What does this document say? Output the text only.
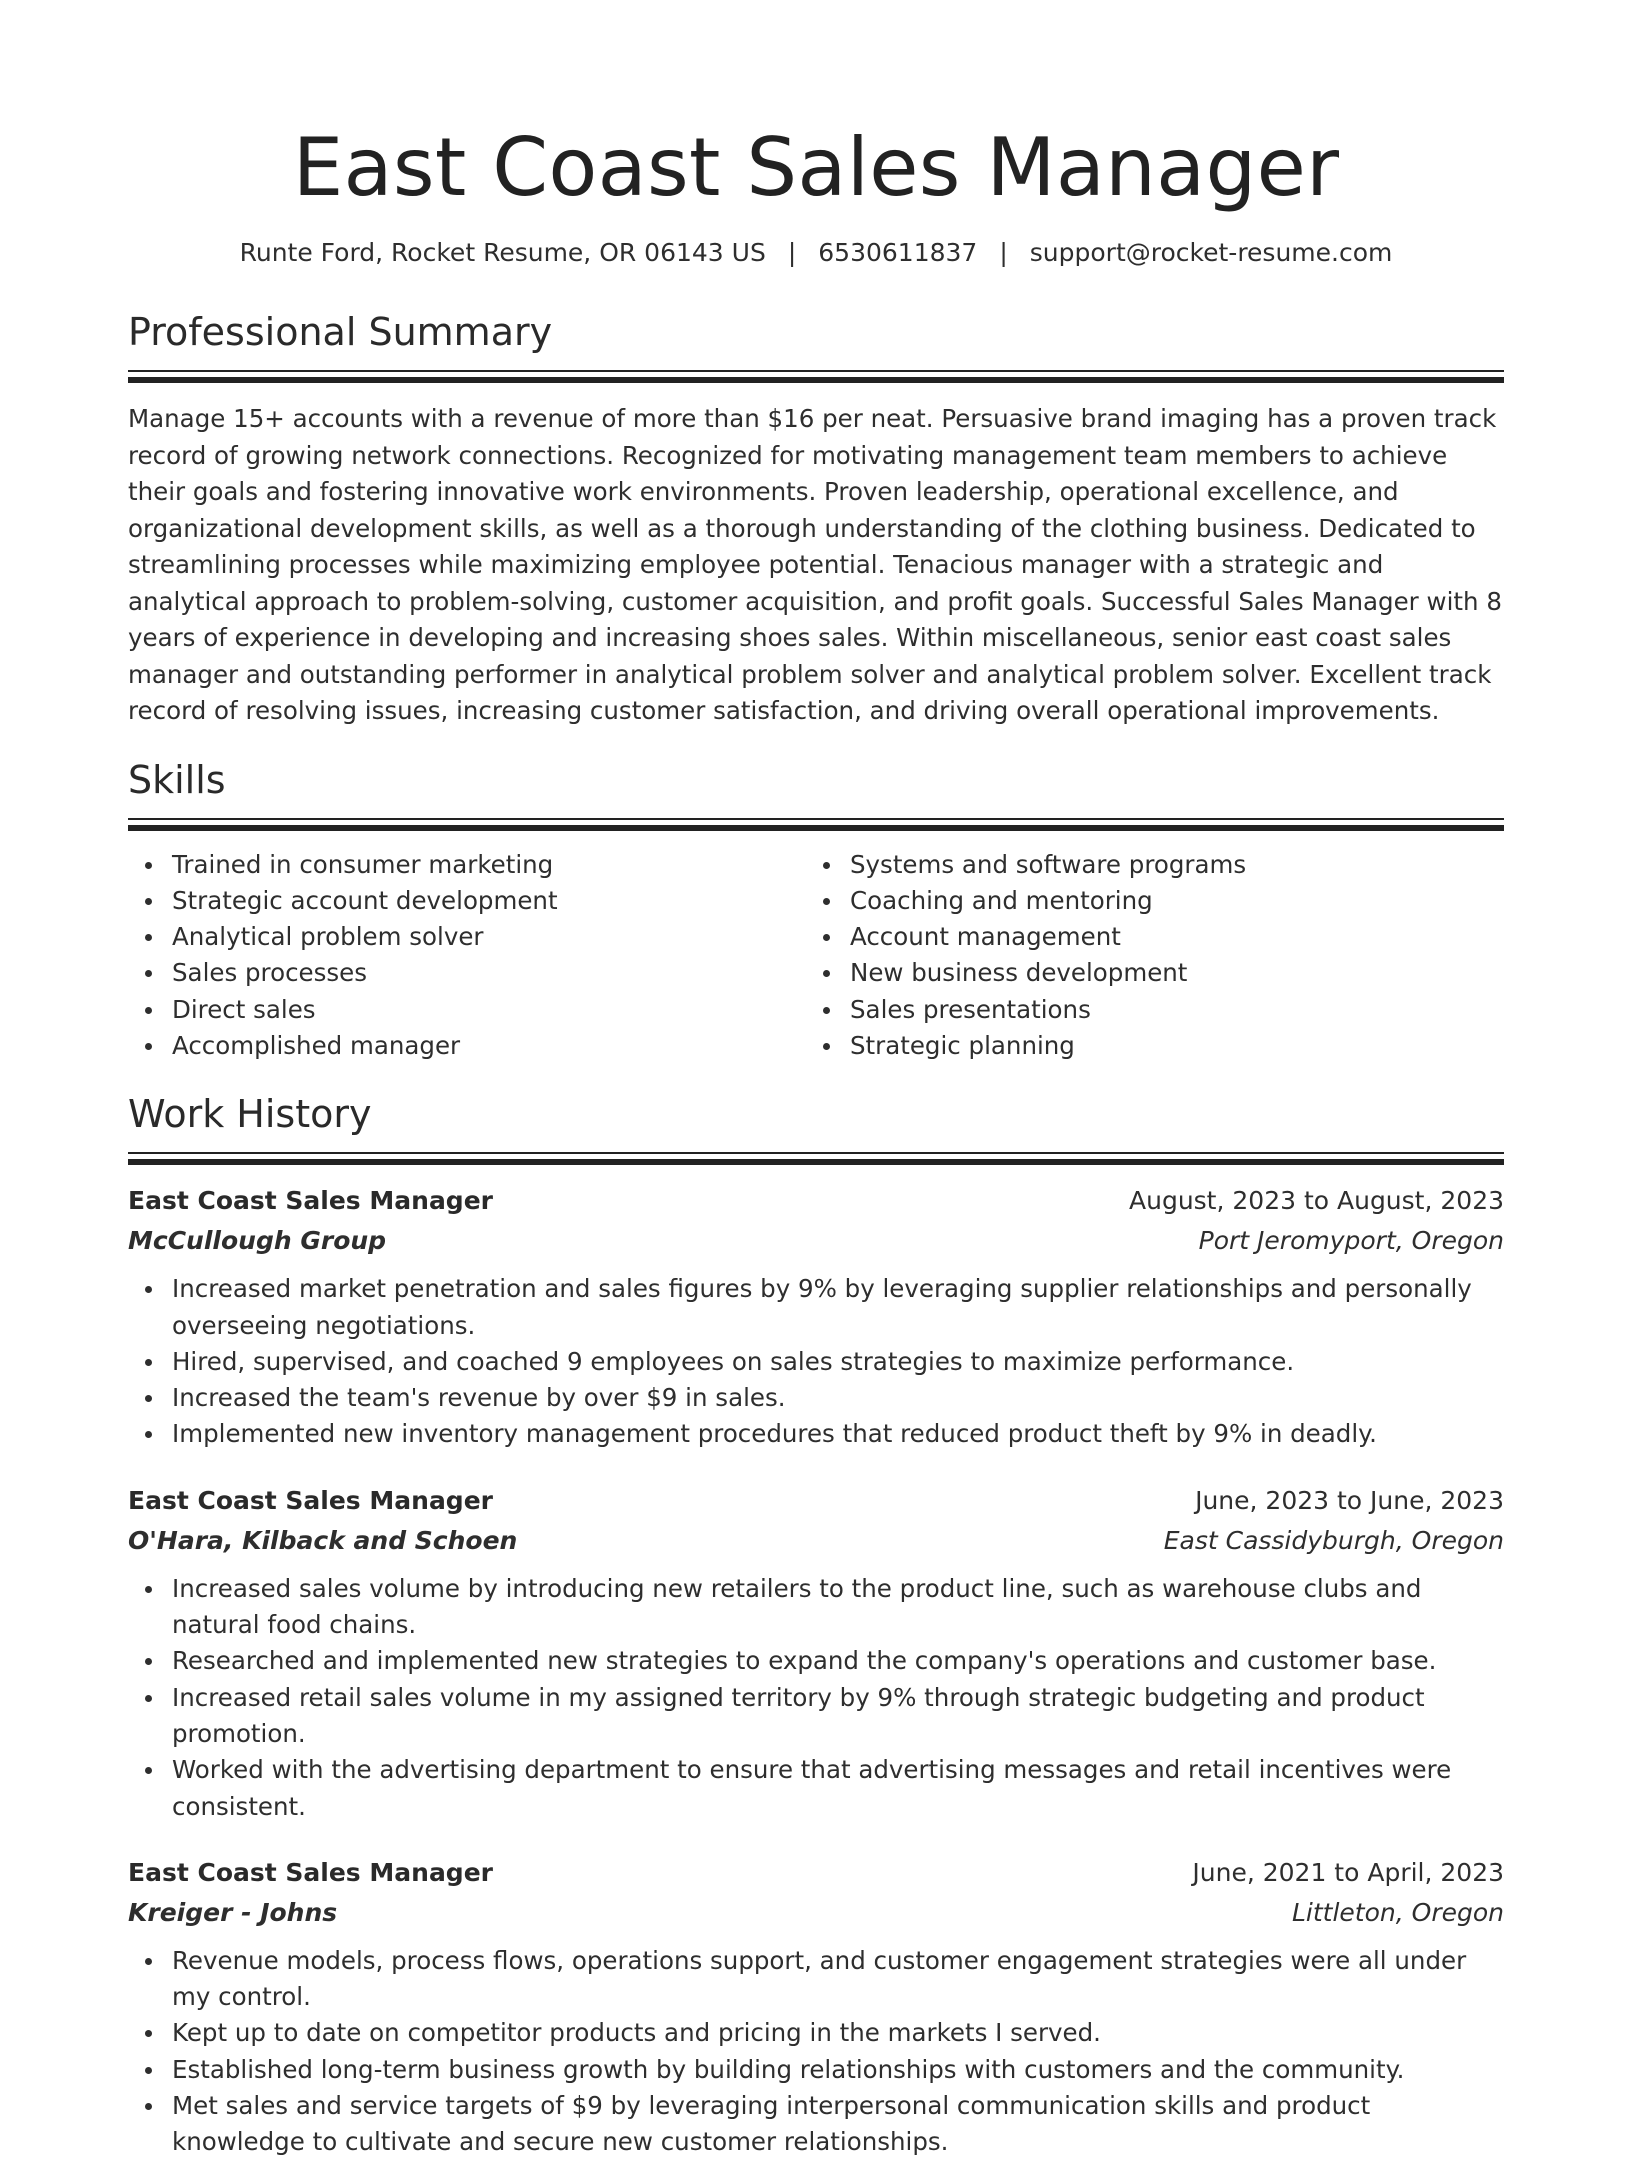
East Coast Sales Manager
Runte Ford, Rocket Resume, OR 06143 US | 6530611837 | support@rocket-resume.com
Professional Summary

Manage 15+ accounts with a revenue of more than $16 per neat. Persuasive brand imaging has a proven track record of growing network connections. Recognized for motivating management team members to achieve their goals and fostering innovative work environments. Proven leadership, operational excellence, and organizational development skills, as well as a thorough understanding of the clothing business. Dedicated to streamlining processes while maximizing employee potential. Tenacious manager with a strategic and analytical approach to problem-solving, customer acquisition, and profit goals. Successful Sales Manager with 8 years of experience in developing and increasing shoes sales. Within miscellaneous, senior east coast sales manager and outstanding performer in analytical problem solver and analytical problem solver. Excellent track record of resolving issues, increasing customer satisfaction, and driving overall operational improvements.

Skills
Trained in consumer marketing
Strategic account development
Analytical problem solver
Sales processes
Direct sales
Accomplished manager
Systems and software programs
Coaching and mentoring
Account management
New business development
Sales presentations
Strategic planning
Work History
East Coast Sales Manager	August, 2023 to August, 2023
McCullough Group	Port Jeromyport, Oregon
Increased market penetration and sales figures by 9% by leveraging supplier relationships and personally overseeing negotiations.
Hired, supervised, and coached 9 employees on sales strategies to maximize performance.
Increased the team's revenue by over $9 in sales.
Implemented new inventory management procedures that reduced product theft by 9% in deadly.
East Coast Sales Manager	June, 2023 to June, 2023
O'Hara, Kilback and Schoen	East Cassidyburgh, Oregon
Increased sales volume by introducing new retailers to the product line, such as warehouse clubs and natural food chains.
Researched and implemented new strategies to expand the company's operations and customer base.
Increased retail sales volume in my assigned territory by 9% through strategic budgeting and product promotion.
Worked with the advertising department to ensure that advertising messages and retail incentives were consistent.
East Coast Sales Manager	June, 2021 to April, 2023
Kreiger - Johns	Littleton, Oregon
Revenue models, process flows, operations support, and customer engagement strategies were all under my control.
Kept up to date on competitor products and pricing in the markets I served.
Established long-term business growth by building relationships with customers and the community.
Met sales and service targets of $9 by leveraging interpersonal communication skills and product knowledge to cultivate and secure new customer relationships.
